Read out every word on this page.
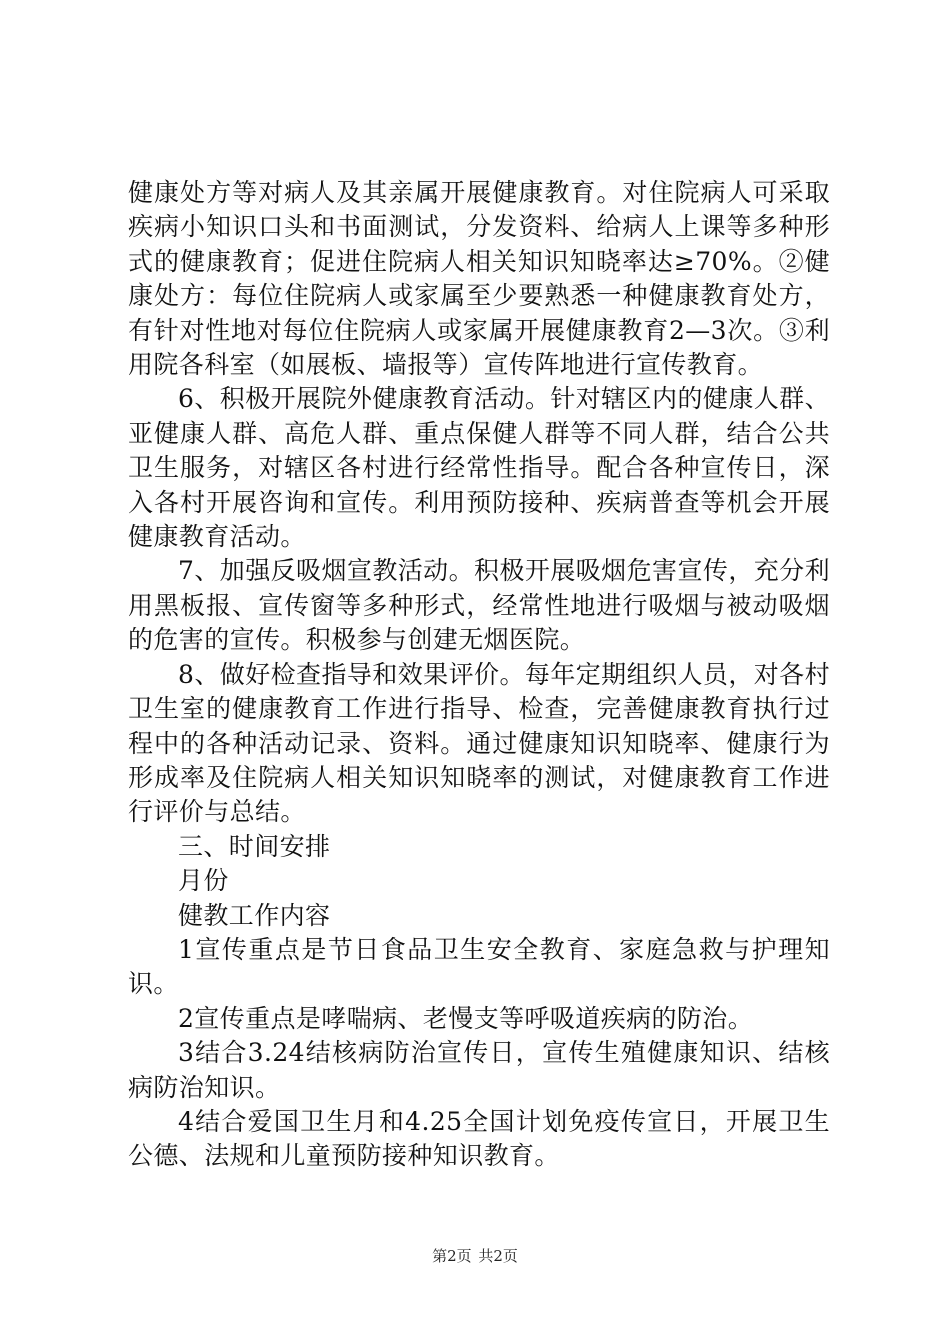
健康处方等对病人及其亲属开展健康教育。对住院病人可采取疾病小知识口头和书面测试，分发资料、给病人上课等多种形式的健康教育；促进住院病人相关知识知晓率达≥70%。②健康处方：每位住院病人或家属至少要熟悉一种健康教育处方，有针对性地对每位住院病人或家属开展健康教育2—3次。③利用院各科室（如展板、墙报等）宣传阵地进行宣传教育。

6、积极开展院外健康教育活动。针对辖区内的健康人群、亚健康人群、高危人群、重点保健人群等不同人群，结合公共卫生服务，对辖区各村进行经常性指导。配合各种宣传日，深入各村开展咨询和宣传。利用预防接种、疾病普查等机会开展健康教育活动。

7、加强反吸烟宣教活动。积极开展吸烟危害宣传，充分利用黑板报、宣传窗等多种形式，经常性地进行吸烟与被动吸烟的危害的宣传。积极参与创建无烟医院。

8、做好检查指导和效果评价。每年定期组织人员，对各村卫生室的健康教育工作进行指导、检查，完善健康教育执行过程中的各种活动记录、资料。通过健康知识知晓率、健康行为形成率及住院病人相关知识知晓率的测试，对健康教育工作进行评价与总结。

三、时间安排

月份

健教工作内容

1宣传重点是节日食品卫生安全教育、家庭急救与护理知识。

2宣传重点是哮喘病、老慢支等呼吸道疾病的防治。

3结合3.24结核病防治宣传日，宣传生殖健康知识、结核病防治知识。

4结合爱国卫生月和4.25全国计划免疫传宣日，开展卫生公德、法规和儿童预防接种知识教育。

第2页 共2页
